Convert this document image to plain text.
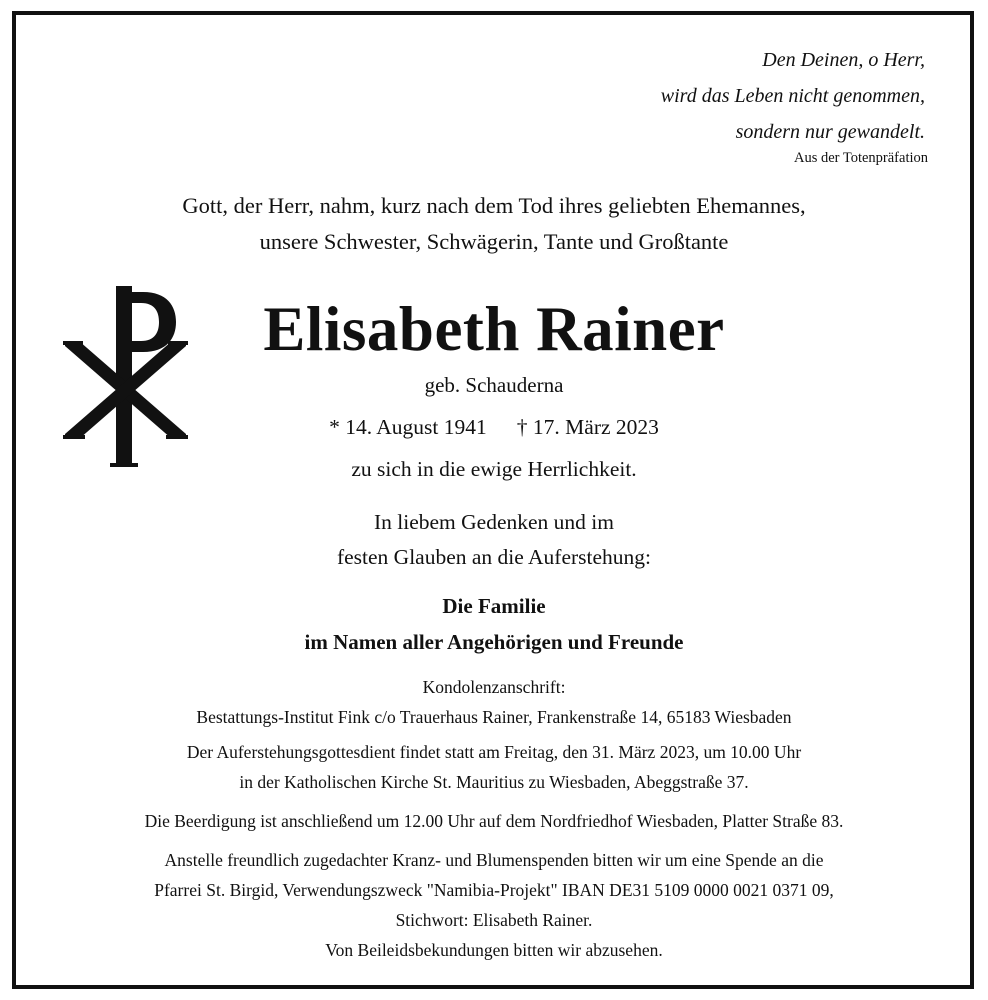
Den Deinen, o Herr,
wird das Leben nicht genommen,
sondern nur gewandelt.
Aus der Totenpräfation
Gott, der Herr, nahm, kurz nach dem Tod ihres geliebten Ehemannes,
unsere Schwester, Schwägerin, Tante und Großtante
Elisabeth Rainer
geb. Schauderna
* 14. August 1941 † 17. März 2023
zu sich in die ewige Herrlichkeit.
In liebem Gedenken und im
festen Glauben an die Auferstehung:
Die Familie
im Namen aller Angehörigen und Freunde
Kondolenzanschrift:
Bestattungs-Institut Fink c/o Trauerhaus Rainer, Frankenstraße 14, 65183 Wiesbaden
Der Auferstehungsgottesdient findet statt am Freitag, den 31. März 2023, um 10.00 Uhr
in der Katholischen Kirche St. Mauritius zu Wiesbaden, Abeggstraße 37.
Die Beerdigung ist anschließend um 12.00 Uhr auf dem Nordfriedhof Wiesbaden, Platter Straße 83.
Anstelle freundlich zugedachter Kranz- und Blumenspenden bitten wir um eine Spende an die
Pfarrei St. Birgid, Verwendungszweck "Namibia-Projekt" IBAN DE31 5109 0000 0021 0371 09,
Stichwort: Elisabeth Rainer.
Von Beileidsbekundungen bitten wir abzusehen.
